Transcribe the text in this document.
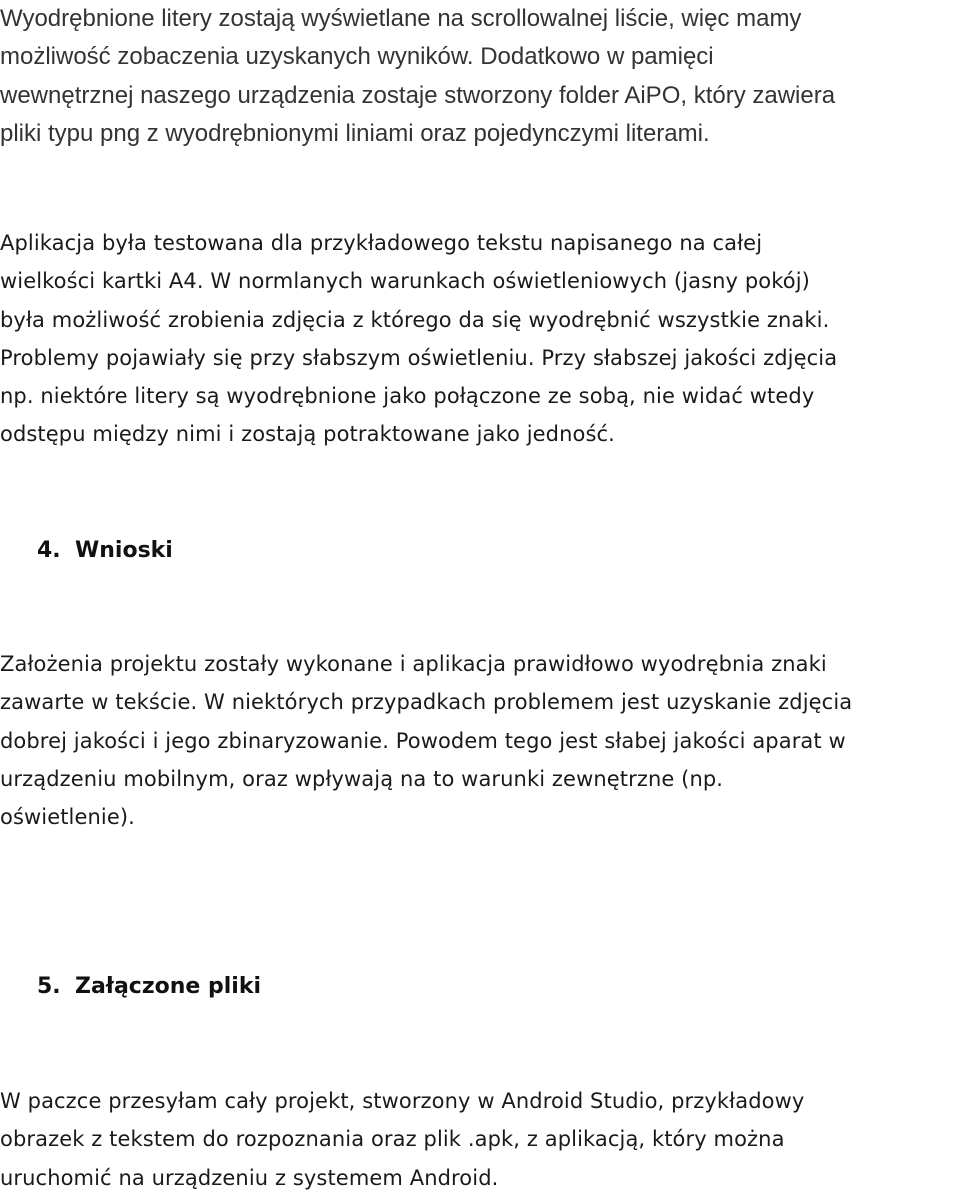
Wyodrębnione litery zostają wyświetlane na scrollowalnej liście, więc mamy
możliwość zobaczenia uzyskanych wyników. Dodatkowo w pamięci
wewnętrznej naszego urządzenia zostaje stworzony folder AiPO, który zawiera
pliki typu png z wyodrębnionymi liniami oraz pojedynczymi literami.

Aplikacja była testowana dla przykładowego tekstu napisanego na całej
wielkości kartki A4. W normlanych warunkach oświetleniowych (jasny pokój)
była możliwość zrobienia zdjęcia z którego da się wyodrębnić wszystkie znaki.
Problemy pojawiały się przy słabszym oświetleniu. Przy słabszej jakości zdjęcia
np. niektóre litery są wyodrębnione jako połączone ze sobą, nie widać wtedy
odstępu między nimi i zostają potraktowane jako jedność.

4. Wnioski

Założenia projektu zostały wykonane i aplikacja prawidłowo wyodrębnia znaki
zawarte w tekście. W niektórych przypadkach problemem jest uzyskanie zdjęcia
dobrej jakości i jego zbinaryzowanie. Powodem tego jest słabej jakości aparat w
urządzeniu mobilnym, oraz wpływają na to warunki zewnętrzne (np.
oświetlenie).

5. Załączone pliki

W paczce przesyłam cały projekt, stworzony w Android Studio, przykładowy
obrazek z tekstem do rozpoznania oraz plik .apk, z aplikacją, który można
uruchomić na urządzeniu z systemem Android.
